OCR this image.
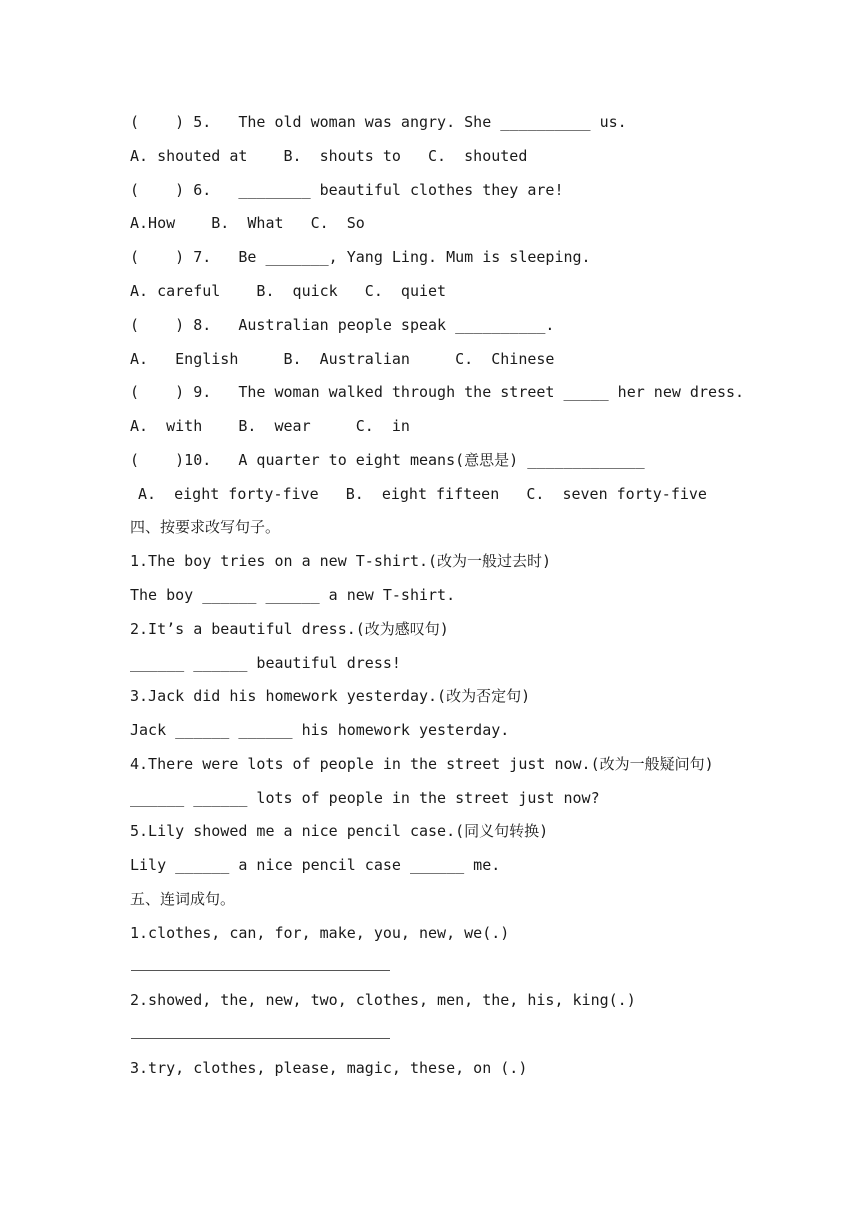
(    ) 5.   The old woman was angry. She __________ us.
A. shouted at    B.  shouts to   C.  shouted
(    ) 6.   ________ beautiful clothes they are!
A.How    B.  What   C.  So
(    ) 7.   Be _______, Yang Ling. Mum is sleeping.
A. careful    B.  quick   C.  quiet
(    ) 8.   Australian people speak __________.
A.   English     B.  Australian     C.  Chinese
(    ) 9.   The woman walked through the street _____ her new dress.
A.  with    B.  wear     C.  in
(    )10.   A quarter to eight means(意思是) _____________
A.  eight forty-five   B.  eight fifteen   C.  seven forty-five
四、按要求改写句子。
1.The boy tries on a new T-shirt.(改为一般过去时)
The boy ______ ______ a new T-shirt.
2.It’s a beautiful dress.(改为感叹句)
______ ______ beautiful dress!
3.Jack did his homework yesterday.(改为否定句)
Jack ______ ______ his homework yesterday.
4.There were lots of people in the street just now.(改为一般疑问句)
______ ______ lots of people in the street just now?
5.Lily showed me a nice pencil case.(同义句转换)
Lily ______ a nice pencil case ______ me.
五、连词成句。
1.clothes, can, for, make, you, new, we(.)
2.showed, the, new, two, clothes, men, the, his, king(.)
3.try, clothes, please, magic, these, on (.)
